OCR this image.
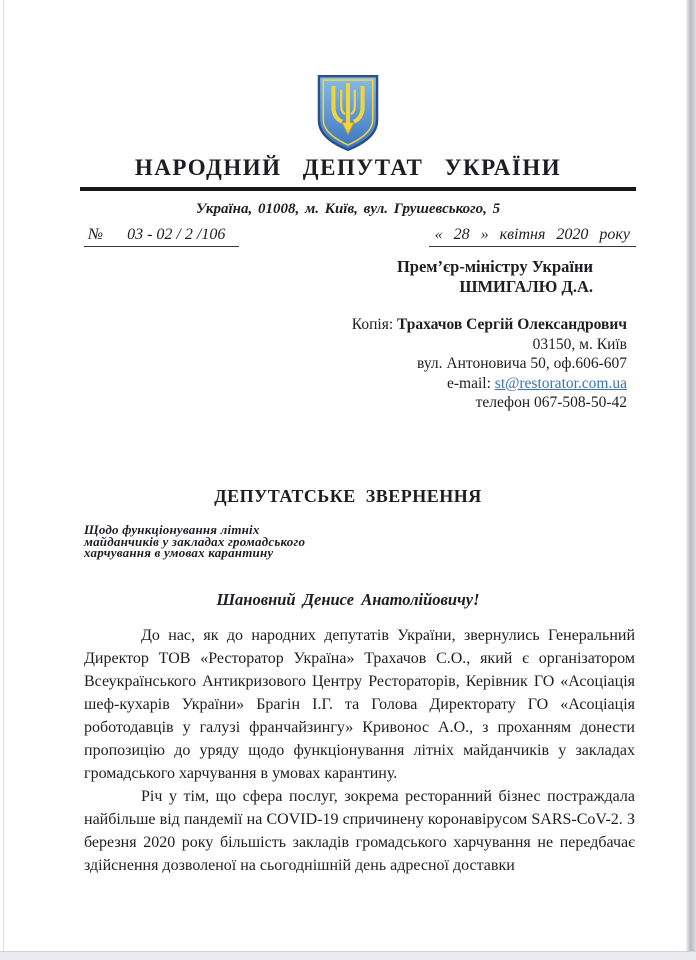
НАРОДНИЙ ДЕПУТАТ УКРАЇНИ
Україна, 01008, м. Київ, вул. Грушевського, 5
№ 03 - 02 / 2 /106	« 28 » квітня 2020 року
Прем’єр-міністру України
ШМИГАЛЮ Д.А.
Копія: Трахачов Сергій Олександрович
03150, м. Київ
вул. Антоновича 50, оф.606-607
e-mail: st@restorator.com.ua
телефон 067-508-50-42
ДЕПУТАТСЬКЕ ЗВЕРНЕННЯ
Щодо функціонування літніх
майданчиків у закладах громадського
харчування в умовах карантину
Шановний Денисе Анатолійовичу!

До нас, як до народних депутатів України, звернулись Генеральний Директор ТОВ «Ресторатор Україна» Трахачов С.О., який є організатором Всеукраїнського Антикризового Центру Рестораторів, Керівник ГО «Асоціація шеф-кухарів України» Брагін І.Г. та Голова Директорату ГО «Асоціація роботодавців у галузі франчайзингу» Кривонос А.О., з проханням донести пропозицію до уряду щодо функціонування літніх майданчиків у закладах громадського харчування в умовах карантину.

Річ у тім, що сфера послуг, зокрема ресторанний бізнес постраждала найбільше від пандемії на COVID-19 спричинену коронавірусом SARS-CoV-2. З березня 2020 року більшість закладів громадського харчування не передбачає здійснення дозволеної на сьогоднішній день адресної доставки
